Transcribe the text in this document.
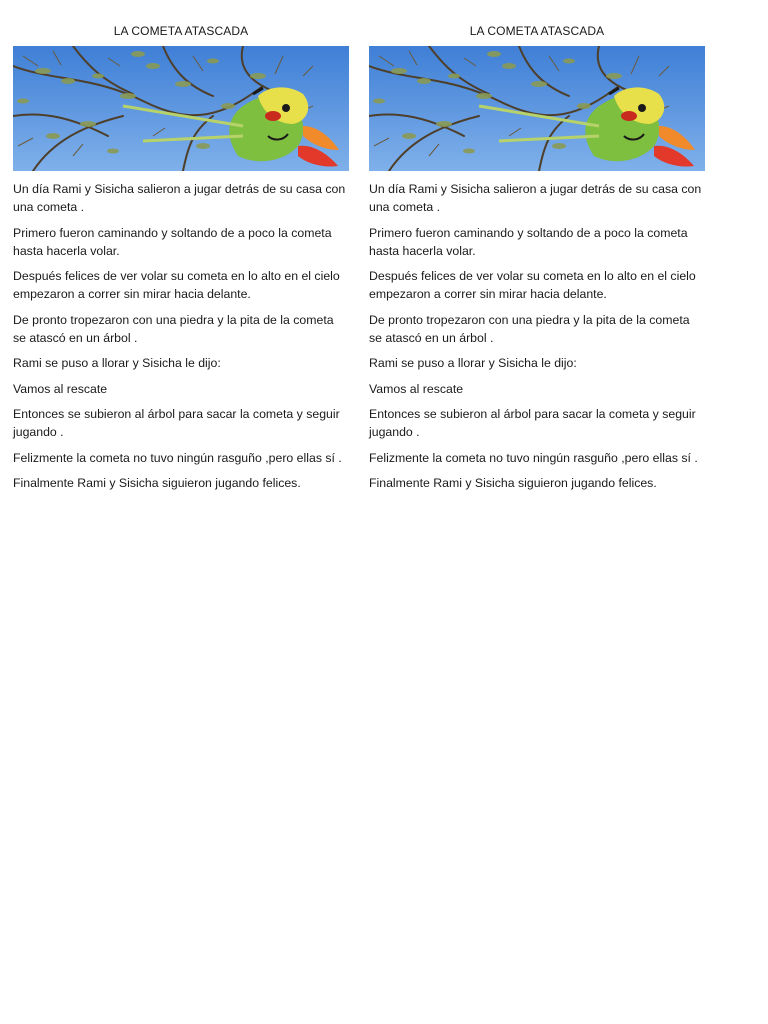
LA COMETA ATASCADA
Un día Rami y Sisicha salieron a jugar detrás de su casa con una cometa .
Primero fueron caminando y soltando de a poco la cometa hasta hacerla volar.
Después felices de ver volar su cometa en lo alto en el cielo empezaron a correr sin mirar hacia delante.
De pronto tropezaron con una piedra y la pita de la cometa se atascó en un árbol .
Rami se puso a llorar y Sisicha le dijo:
Vamos al rescate
Entonces se subieron al árbol para sacar la cometa y seguir jugando .
Felizmente la cometa no tuvo ningún rasguño ,pero ellas sí .
Finalmente Rami y Sisicha siguieron jugando felices.
LA COMETA ATASCADA
Un día Rami y Sisicha salieron a jugar detrás de su casa con una cometa .
Primero fueron caminando y soltando de a poco la cometa hasta hacerla volar.
Después felices de ver volar su cometa en lo alto en el cielo empezaron a correr sin mirar hacia delante.
De pronto tropezaron con una piedra y la pita de la cometa se atascó en un árbol .
Rami se puso a llorar y Sisicha le dijo:
Vamos al rescate
Entonces se subieron al árbol para sacar la cometa y seguir jugando .
Felizmente la cometa no tuvo ningún rasguño ,pero ellas sí .
Finalmente Rami y Sisicha siguieron jugando felices.
